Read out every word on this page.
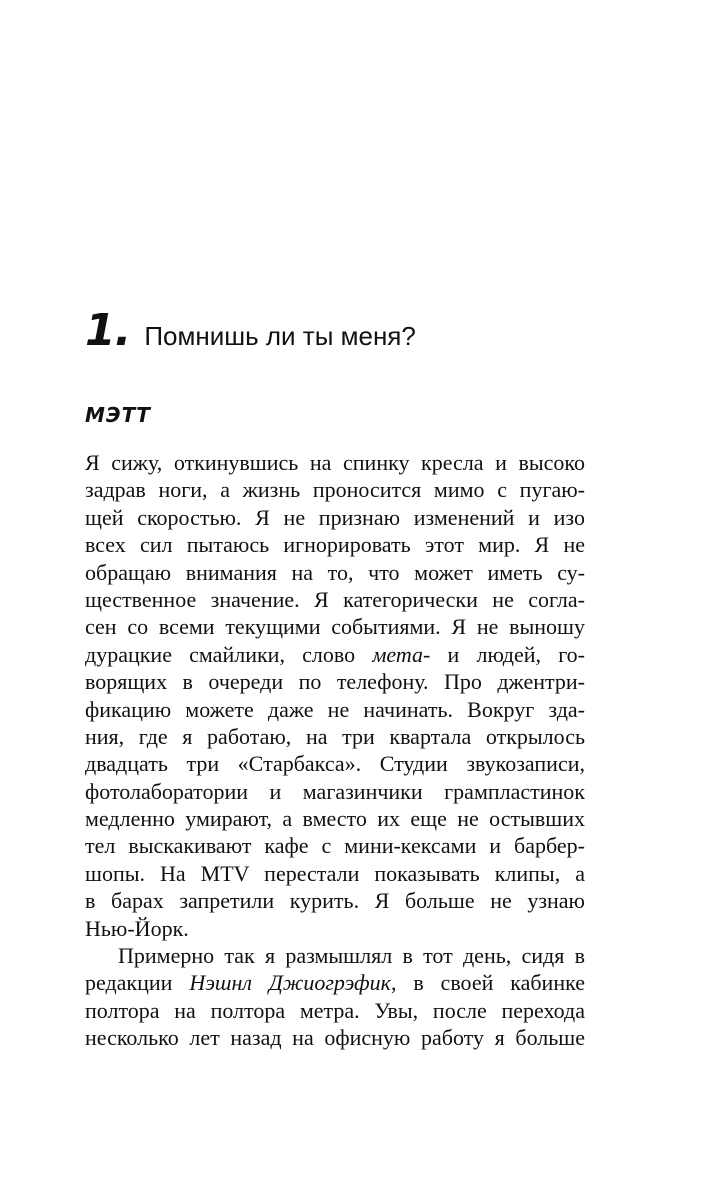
1. Помнишь ли ты меня?
МЭТТ
Я сижу, откинувшись на спинку кресла и высоко
задрав ноги, а жизнь проносится мимо с пугаю-
щей скоростью. Я не признаю изменений и изо
всех сил пытаюсь игнорировать этот мир. Я не
обращаю внимания на то, что может иметь су-
щественное значение. Я категорически не согла-
сен со всеми текущими событиями. Я не выношу
дурацкие смайлики, слово мета- и людей, го-
ворящих в очереди по телефону. Про джентри-
фикацию можете даже не начинать. Вокруг зда-
ния, где я работаю, на три квартала открылось
двадцать три «Старбакса». Студии звукозаписи,
фотолаборатории и магазинчики грампластинок
медленно умирают, а вместо их еще не остывших
тел выскакивают кафе с мини-кексами и барбер-
шопы. На MTV перестали показывать клипы, а
в барах запретили курить. Я больше не узнаю
Нью-Йорк.
Примерно так я размышлял в тот день, сидя в
редакции Нэшнл Джиогрэфик, в своей кабинке
полтора на полтора метра. Увы, после перехода
несколько лет назад на офисную работу я больше
